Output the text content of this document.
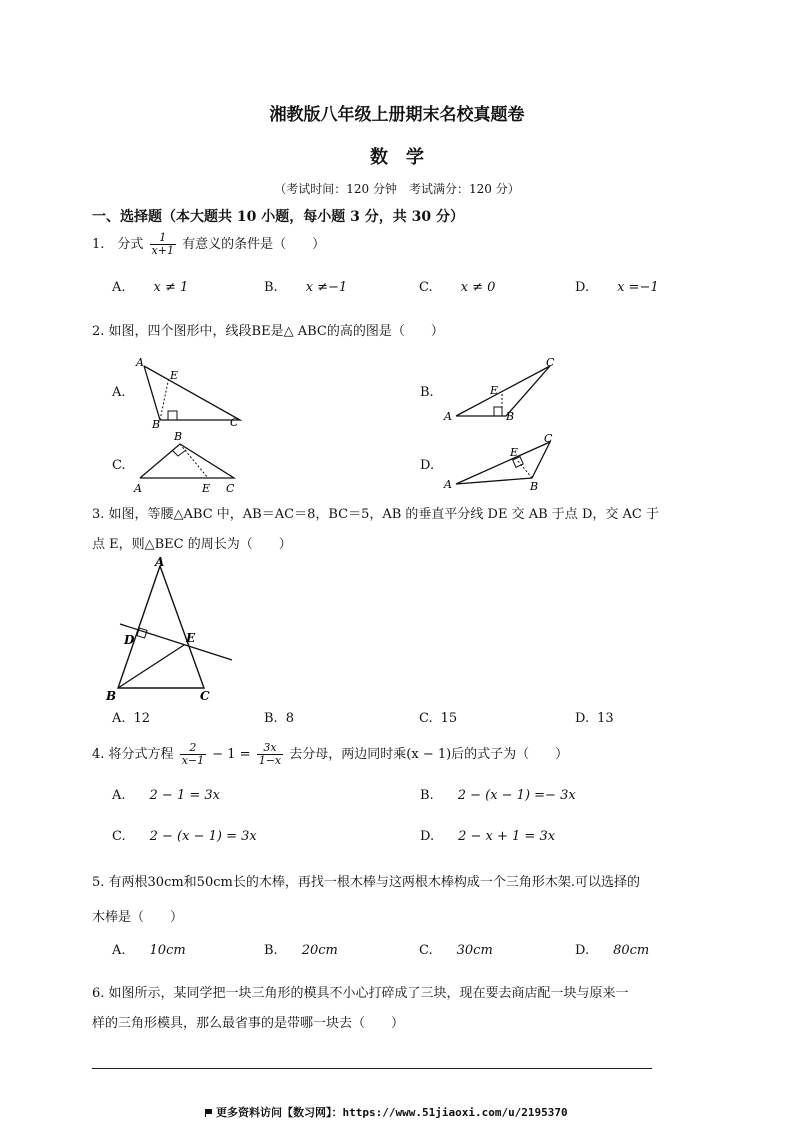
湘教版八年级上册期末名校真题卷
数　学
（考试时间：120 分钟　考试满分：120 分）
一、选择题（本大题共 10 小题，每小题 3 分，共 30 分）
1.　分式 $\frac{1}{x+1}$ 有意义的条件是（　　）
A. x ≠ 1	B. x ≠−1	C. x ≠ 0	D. x =−1
2. 如图，四个图形中，线段BE是△ ABC的高的图是（　　）
A.
A
E
B	C
B.
A
E
B
C
C.
A
B
E C
D.
A
E
B
C
3. 如图，等腰△ABC 中，AB＝AC＝8，BC＝5，AB 的垂直平分线 DE 交 AB 于点 D，交 AC 于
点 E，则△BEC 的周长为（　　）
A
D	E
B	C
A. 12	B. 8	C. 15	D. 13
4. 将分式方程 $\frac{2}{x-1} - 1 = \frac{3x}{1-x}$ 去分母，两边同时乘(x − 1)后的式子为（　　）
A. 2 − 1 = 3x	B. 2 − (x − 1) =− 3x
C. 2 − (x − 1) = 3x	D. 2 − x + 1 = 3x
5. 有两根30cm和50cm长的木棒，再找一根木棒与这两根木棒构成一个三角形木架.可以选择的
木棒是（　　）
A. 10cm	B. 20cm	C. 30cm	D. 80cm
6. 如图所示，某同学把一块三角形的模具不小心打碎成了三块，现在要去商店配一块与原来一
样的三角形模具，那么最省事的是带哪一块去（　　）
更多资料访问【数习网】：https://www.51jiaoxi.com/u/2195370
